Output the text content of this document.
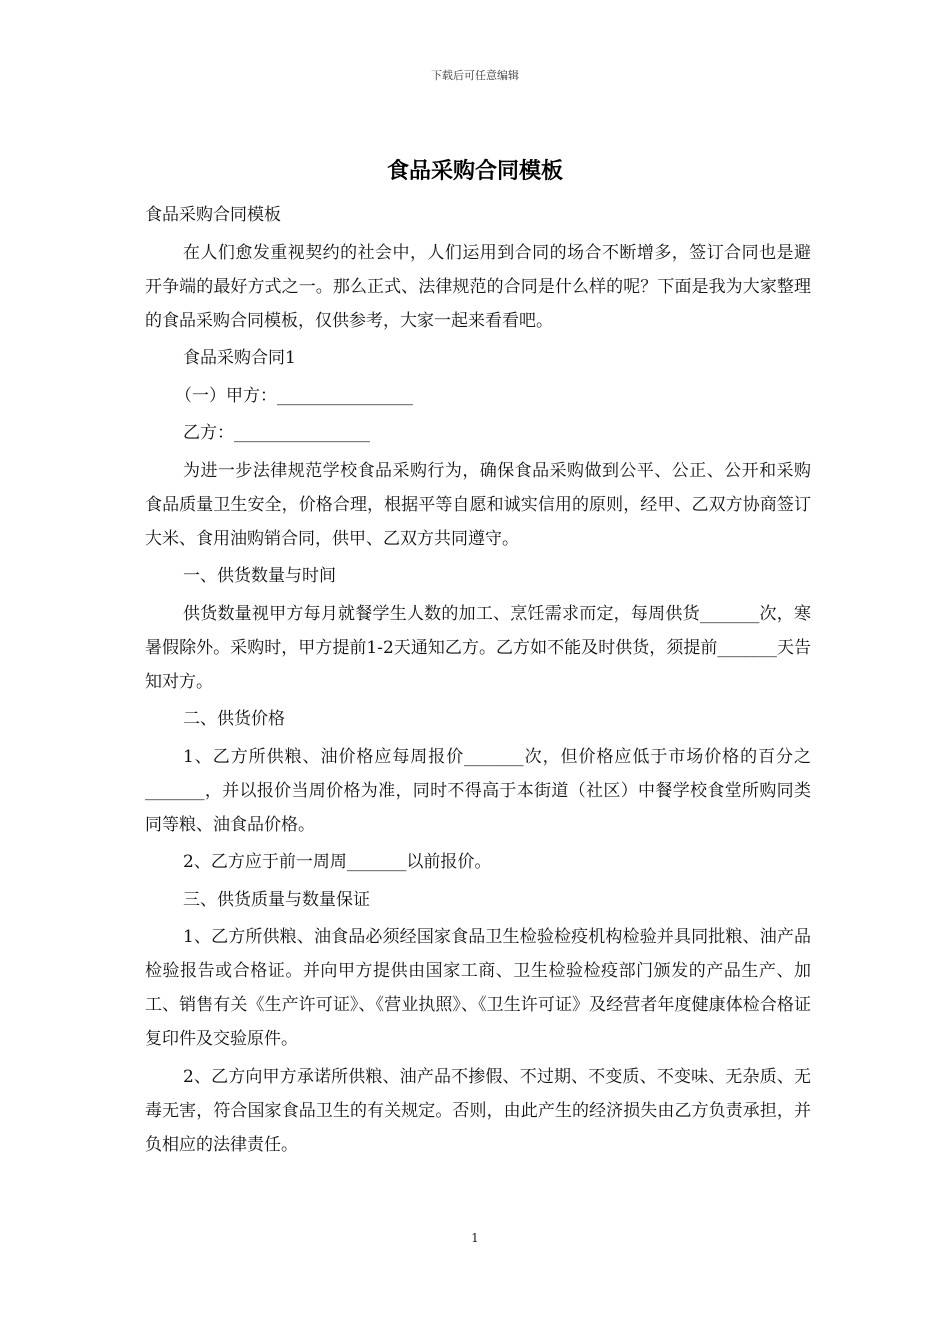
下载后可任意编辑
食品采购合同模板

食品采购合同模板

在人们愈发重视契约的社会中，人们运用到合同的场合不断增多，签订合同也是避开争端的最好方式之一。那么正式、法律规范的合同是什么样的呢？下面是我为大家整理的食品采购合同模板，仅供参考，大家一起来看看吧。

食品采购合同1

（一）甲方：________________

乙方：________________

为进一步法律规范学校食品采购行为，确保食品采购做到公平、公正、公开和采购食品质量卫生安全，价格合理，根据平等自愿和诚实信用的原则，经甲、乙双方协商签订大米、食用油购销合同，供甲、乙双方共同遵守。

一、供货数量与时间

供货数量视甲方每月就餐学生人数的加工、烹饪需求而定，每周供货_______次，寒暑假除外。采购时，甲方提前1-2天通知乙方。乙方如不能及时供货，须提前_______天告知对方。

二、供货价格

1、乙方所供粮、油价格应每周报价_______次，但价格应低于市场价格的百分之_______，并以报价当周价格为准，同时不得高于本街道（社区）中餐学校食堂所购同类同等粮、油食品价格。

2、乙方应于前一周周_______以前报价。

三、供货质量与数量保证

1、乙方所供粮、油食品必须经国家食品卫生检验检疫机构检验并具同批粮、油产品检验报告或合格证。并向甲方提供由国家工商、卫生检验检疫部门颁发的产品生产、加工、销售有关《生产许可证》、《营业执照》、《卫生许可证》及经营者年度健康体检合格证复印件及交验原件。

2、乙方向甲方承诺所供粮、油产品不掺假、不过期、不变质、不变味、无杂质、无毒无害，符合国家食品卫生的有关规定。否则，由此产生的经济损失由乙方负责承担，并负相应的法律责任。

1
